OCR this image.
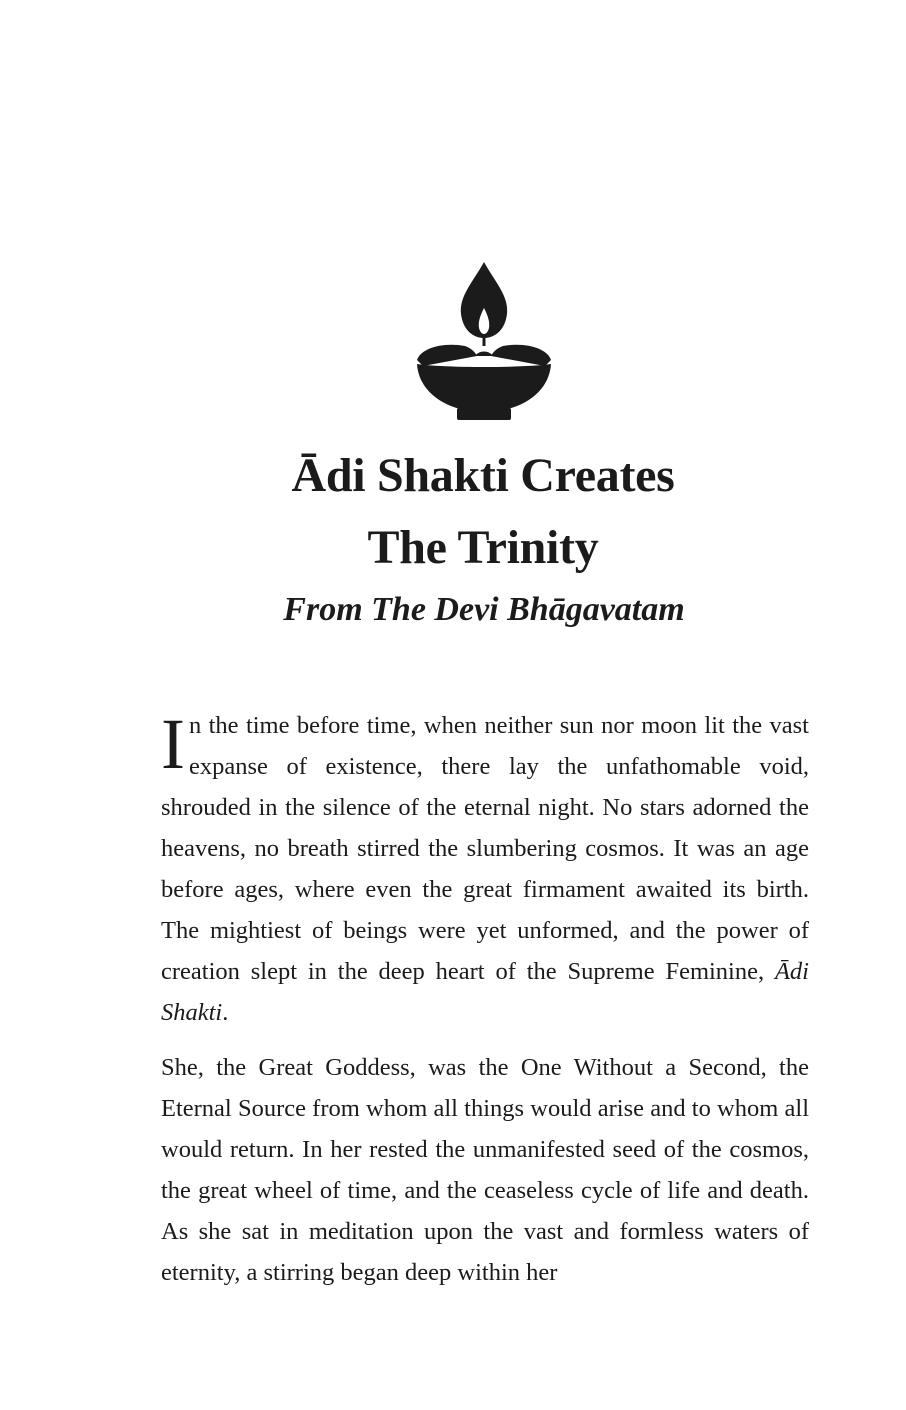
Ādi Shakti Creates
The Trinity
From The Devi Bhāgavatam

In the time before time, when neither sun nor moon lit the vast expanse of existence, there lay the unfathomable void, shrouded in the silence of the eternal night. No stars adorned the heavens, no breath stirred the slumbering cosmos. It was an age before ages, where even the great firmament awaited its birth. The mightiest of beings were yet unformed, and the power of creation slept in the deep heart of the Supreme Feminine, Ādi Shakti.

She, the Great Goddess, was the One Without a Second, the Eternal Source from whom all things would arise and to whom all would return. In her rested the unmanifested seed of the cosmos, the great wheel of time, and the ceaseless cycle of life and death. As she sat in meditation upon the vast and formless waters of eternity, a stirring began deep within her
